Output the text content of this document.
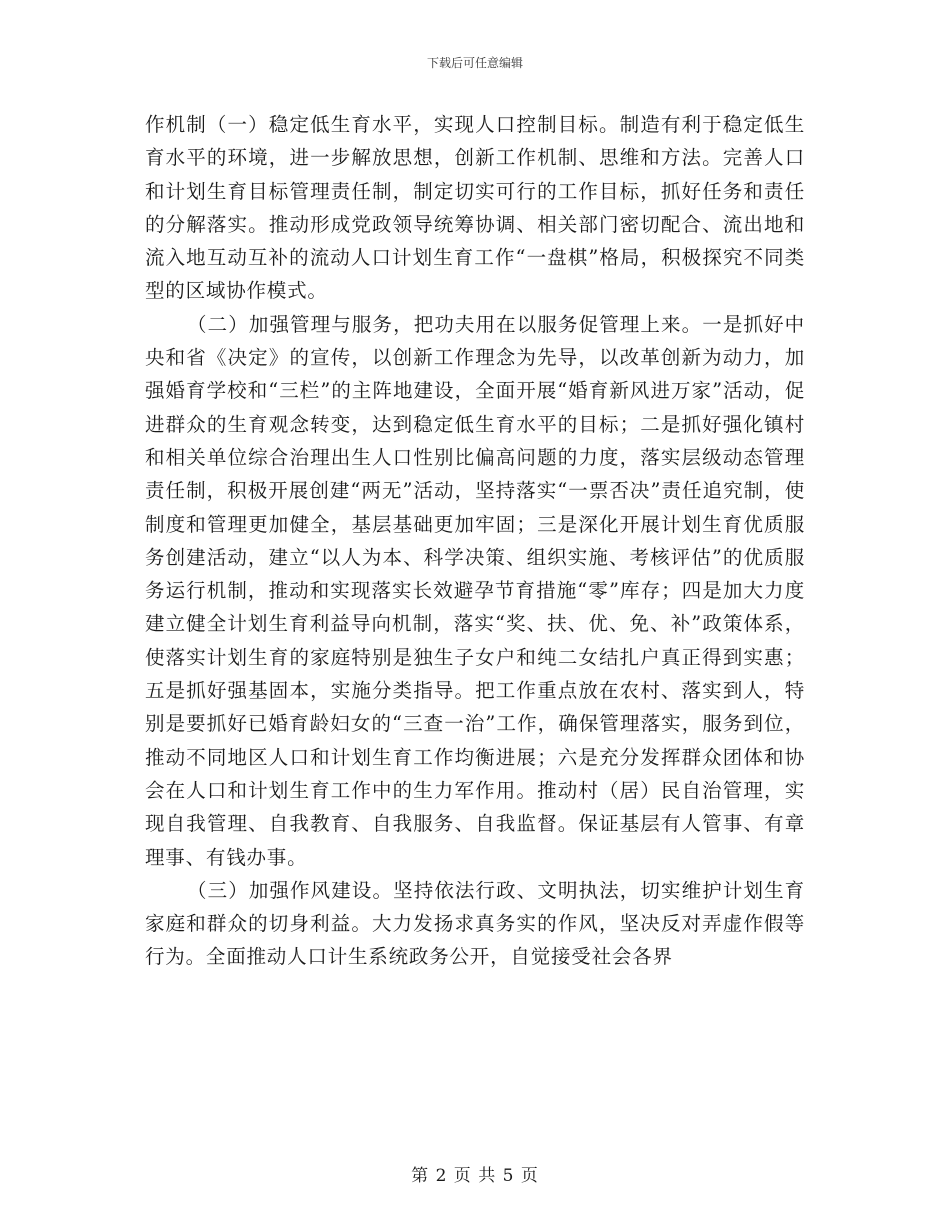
下载后可任意编辑

作机制（一）稳定低生育水平，实现人口控制目标。制造有利于稳定低生育水平的环境，进一步解放思想，创新工作机制、思维和方法。完善人口和计划生育目标管理责任制，制定切实可行的工作目标，抓好任务和责任的分解落实。推动形成党政领导统筹协调、相关部门密切配合、流出地和流入地互动互补的流动人口计划生育工作“一盘棋”格局，积极探究不同类型的区域协作模式。

（二）加强管理与服务，把功夫用在以服务促管理上来。一是抓好中央和省《决定》的宣传，以创新工作理念为先导，以改革创新为动力，加强婚育学校和“三栏”的主阵地建设，全面开展“婚育新风进万家”活动，促进群众的生育观念转变，达到稳定低生育水平的目标；二是抓好强化镇村和相关单位综合治理出生人口性别比偏高问题的力度，落实层级动态管理责任制，积极开展创建“两无”活动，坚持落实“一票否决”责任追究制，使制度和管理更加健全，基层基础更加牢固；三是深化开展计划生育优质服务创建活动，建立“以人为本、科学决策、组织实施、考核评估”的优质服务运行机制，推动和实现落实长效避孕节育措施“零”库存；四是加大力度建立健全计划生育利益导向机制，落实“奖、扶、优、免、补”政策体系，使落实计划生育的家庭特别是独生子女户和纯二女结扎户真正得到实惠；五是抓好强基固本，实施分类指导。把工作重点放在农村、落实到人，特别是要抓好已婚育龄妇女的“三查一治”工作，确保管理落实，服务到位，推动不同地区人口和计划生育工作均衡进展；六是充分发挥群众团体和协会在人口和计划生育工作中的生力军作用。推动村（居）民自治管理，实现自我管理、自我教育、自我服务、自我监督。保证基层有人管事、有章理事、有钱办事。

（三）加强作风建设。坚持依法行政、文明执法，切实维护计划生育家庭和群众的切身利益。大力发扬求真务实的作风，坚决反对弄虚作假等行为。全面推动人口计生系统政务公开，自觉接受社会各界

第 2 页 共 5 页
